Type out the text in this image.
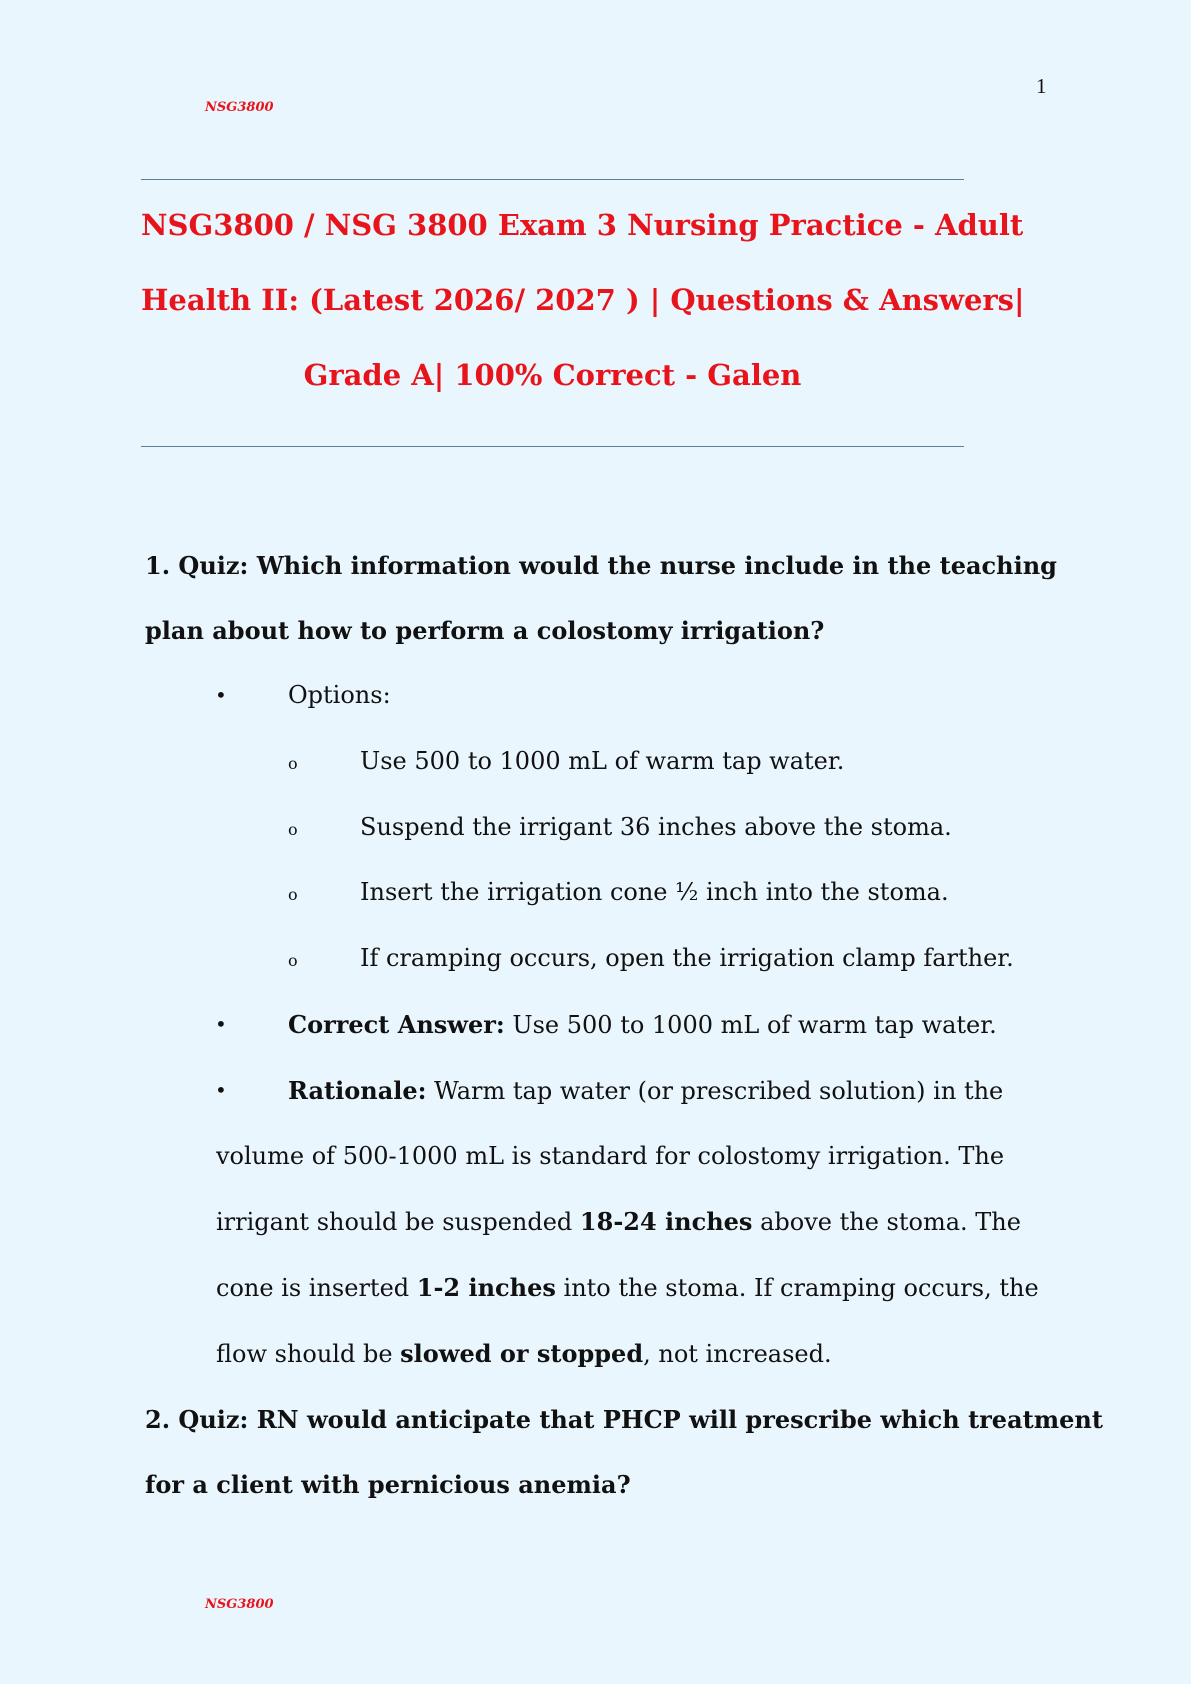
NSG3800
1
NSG3800 / NSG 3800 Exam 3 Nursing Practice - Adult
Health II: (Latest 2026/ 2027 ) | Questions & Answers|
Grade A| 100% Correct - Galen
1. Quiz: Which information would the nurse include in the teaching
plan about how to perform a colostomy irrigation?
•	Options:
o	Use 500 to 1000 mL of warm tap water.
o	Suspend the irrigant 36 inches above the stoma.
o	Insert the irrigation cone ½ inch into the stoma.
o	If cramping occurs, open the irrigation clamp farther.
•	Correct Answer: Use 500 to 1000 mL of warm tap water.
•	Rationale: Warm tap water (or prescribed solution) in the
volume of 500-1000 mL is standard for colostomy irrigation. The
irrigant should be suspended 18-24 inches above the stoma. The
cone is inserted 1-2 inches into the stoma. If cramping occurs, the
flow should be slowed or stopped, not increased.
2. Quiz: RN would anticipate that PHCP will prescribe which treatment
for a client with pernicious anemia?
NSG3800
